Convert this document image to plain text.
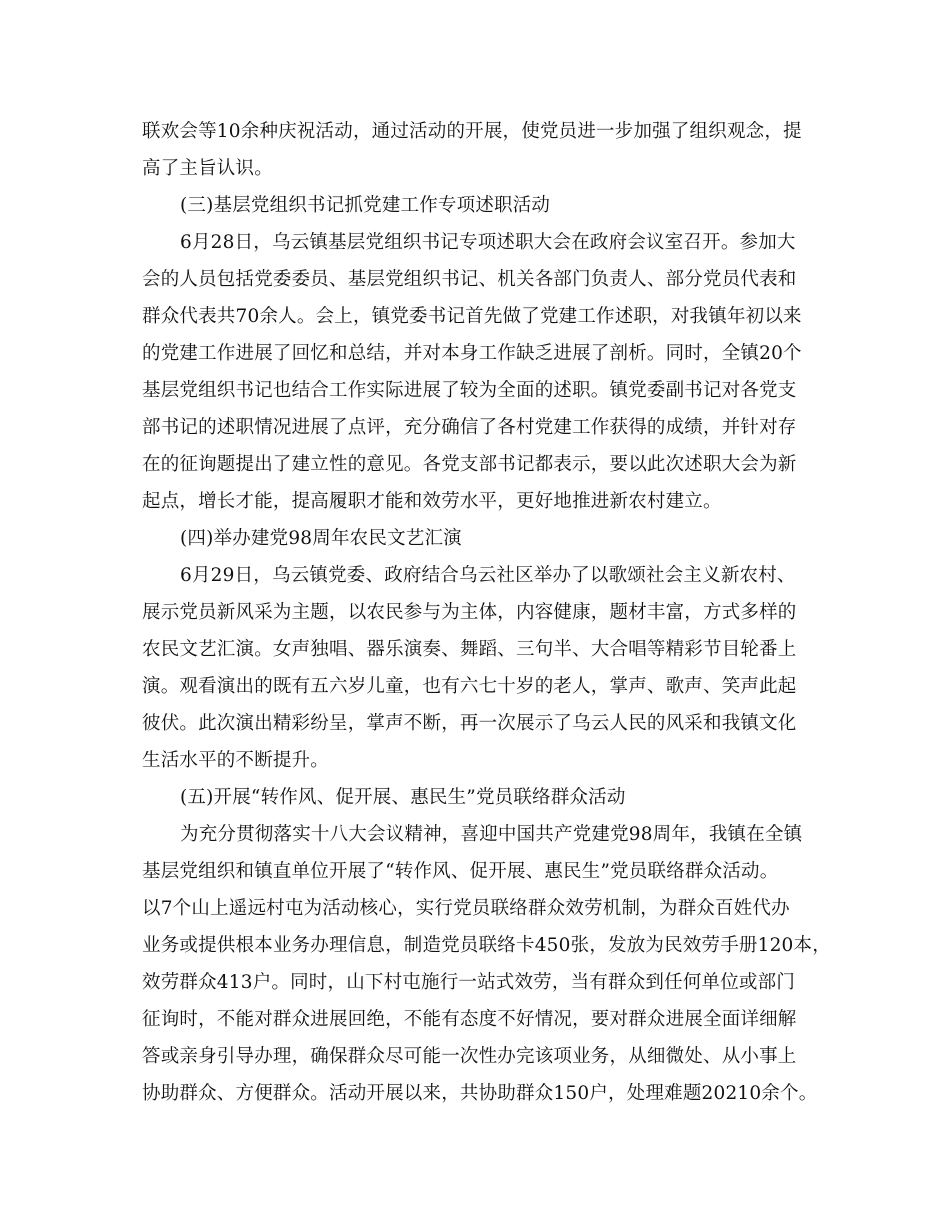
联欢会等10余种庆祝活动，通过活动的开展，使党员进一步加强了组织观念，提
高了主旨认识。
(三)基层党组织书记抓党建工作专项述职活动
6月28日，乌云镇基层党组织书记专项述职大会在政府会议室召开。参加大
会的人员包括党委委员、基层党组织书记、机关各部门负责人、部分党员代表和
群众代表共70余人。会上，镇党委书记首先做了党建工作述职，对我镇年初以来
的党建工作进展了回忆和总结，并对本身工作缺乏进展了剖析。同时，全镇20个
基层党组织书记也结合工作实际进展了较为全面的述职。镇党委副书记对各党支
部书记的述职情况进展了点评，充分确信了各村党建工作获得的成绩，并针对存
在的征询题提出了建立性的意见。各党支部书记都表示，要以此次述职大会为新
起点，增长才能，提高履职才能和效劳水平，更好地推进新农村建立。
(四)举办建党98周年农民文艺汇演
6月29日，乌云镇党委、政府结合乌云社区举办了以歌颂社会主义新农村、
展示党员新风采为主题，以农民参与为主体，内容健康，题材丰富，方式多样的
农民文艺汇演。女声独唱、器乐演奏、舞蹈、三句半、大合唱等精彩节目轮番上
演。观看演出的既有五六岁儿童，也有六七十岁的老人，掌声、歌声、笑声此起
彼伏。此次演出精彩纷呈，掌声不断，再一次展示了乌云人民的风采和我镇文化
生活水平的不断提升。
(五)开展“转作风、促开展、惠民生”党员联络群众活动
为充分贯彻落实十八大会议精神，喜迎中国共产党建党98周年，我镇在全镇
基层党组织和镇直单位开展了“转作风、促开展、惠民生”党员联络群众活动。
以7个山上遥远村屯为活动核心，实行党员联络群众效劳机制，为群众百姓代办
业务或提供根本业务办理信息，制造党员联络卡450张，发放为民效劳手册120本，
效劳群众413户。同时，山下村屯施行一站式效劳，当有群众到任何单位或部门
征询时，不能对群众进展回绝，不能有态度不好情况，要对群众进展全面详细解
答或亲身引导办理，确保群众尽可能一次性办完该项业务，从细微处、从小事上
协助群众、方便群众。活动开展以来，共协助群众150户，处理难题20210余个。
